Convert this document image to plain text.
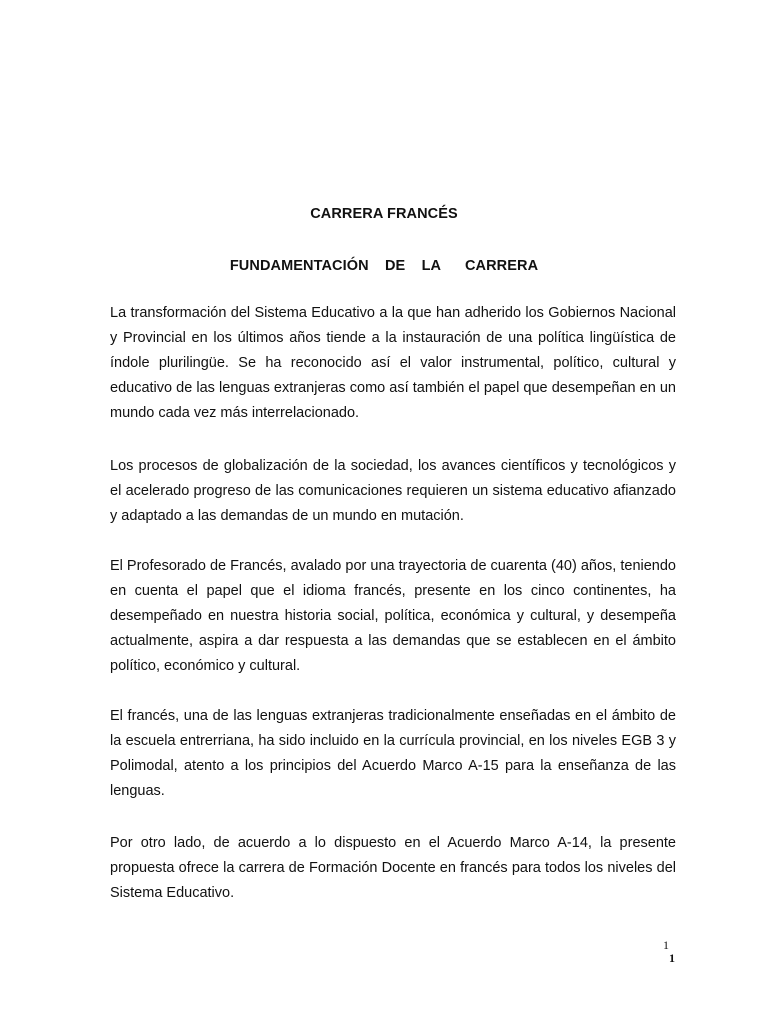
CARRERA FRANCÉS
FUNDAMENTACIÓN  DE  LA   CARRERA

La transformación del Sistema Educativo a la que han adherido los Gobiernos Nacional y Provincial en los últimos años tiende a la instauración de una política lingüística de índole plurilingüe. Se ha reconocido así el valor instrumental, político, cultural y educativo de las lenguas extranjeras como así también el papel que desempeñan en un mundo cada vez más interrelacionado.

Los procesos de globalización de la sociedad, los avances científicos y tecnológicos y el acelerado progreso de las comunicaciones requieren un sistema educativo afianzado y adaptado a las demandas de un mundo en mutación.

El Profesorado de Francés, avalado por una trayectoria de cuarenta (40) años, teniendo en cuenta el papel que el idioma francés, presente en los cinco continentes, ha desempeñado en nuestra historia social, política, económica y cultural, y desempeña actualmente, aspira a dar respuesta a las demandas que se establecen en el ámbito político, económico y cultural.

El francés, una de las lenguas extranjeras tradicionalmente enseñadas en el ámbito de la escuela entrerriana, ha sido incluido en la currícula provincial, en los niveles EGB 3 y Polimodal, atento a los principios del Acuerdo Marco A-15 para la enseñanza de las lenguas.

Por otro lado, de acuerdo a lo dispuesto en el Acuerdo Marco A-14, la presente propuesta ofrece la carrera de Formación Docente en francés para todos los niveles del Sistema Educativo.

1
1
